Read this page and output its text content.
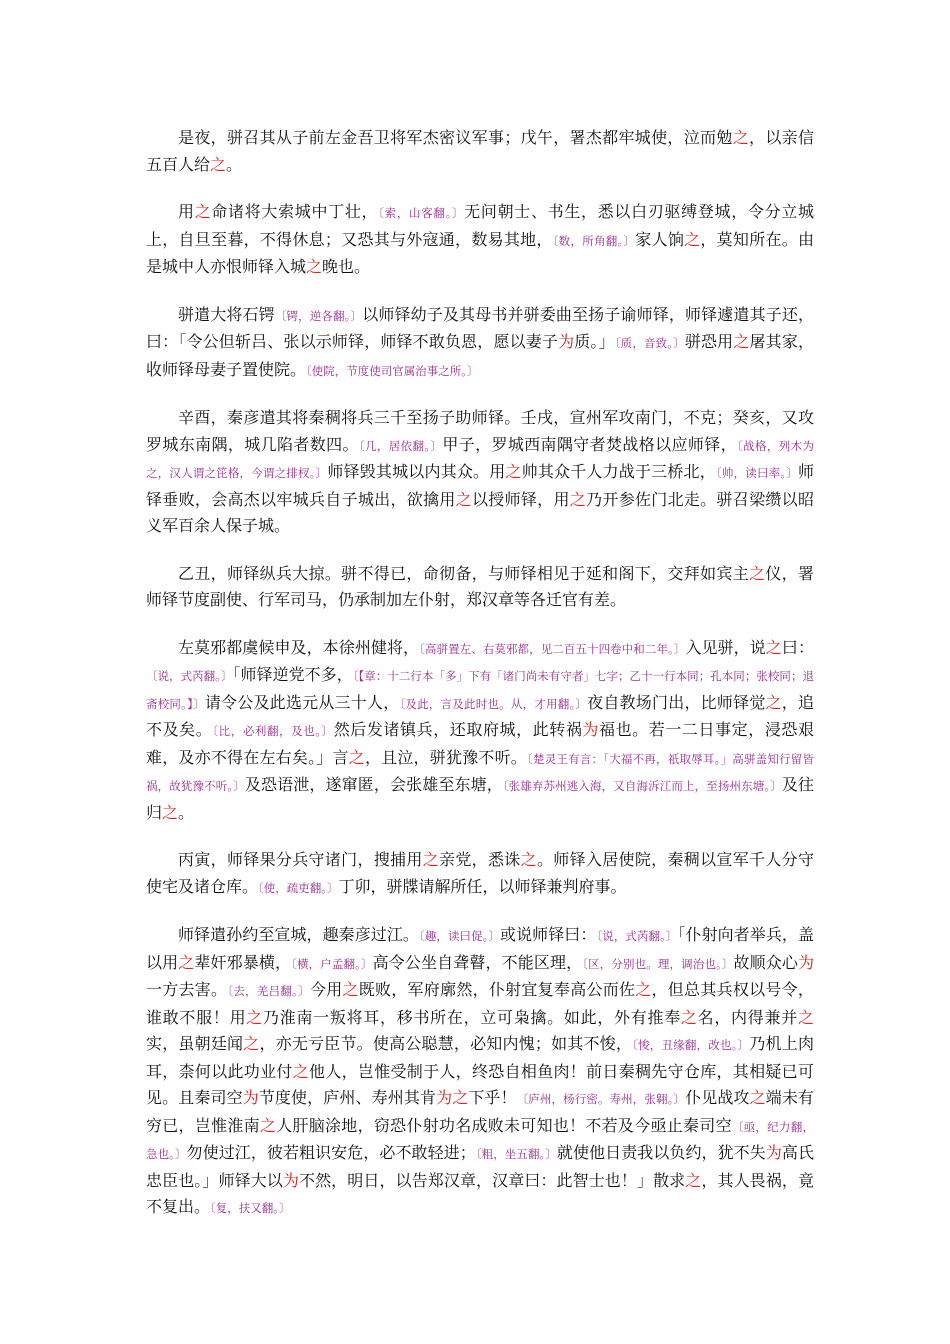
是夜，骈召其从子前左金吾卫将军杰密议军事；戊午，署杰都牢城使，泣而勉之，以亲信五百人给之。

用之命诸将大索城中丁壮，〔索，山客翻。〕无问朝士、书生，悉以白刃驱缚登城，令分立城上，自旦至暮，不得休息；又恐其与外寇通，数易其地，〔数，所角翻。〕家人饷之，莫知所在。由是城中人亦恨师铎入城之晚也。

骈遣大将石锷〔锷，逆各翻。〕以师铎幼子及其母书并骈委曲至扬子谕师铎，师铎遽遣其子还，曰：「令公但斩吕、张以示师铎，师铎不敢负恩，愿以妻子为质。」〔质，音致。〕骈恐用之屠其家，收师铎母妻子置使院。〔使院，节度使司官属治事之所。〕

辛酉，秦彦遣其将秦稠将兵三千至扬子助师铎。壬戌，宣州军攻南门，不克；癸亥，又攻罗城东南隅，城几陷者数四。〔几，居依翻。〕甲子，罗城西南隅守者焚战格以应师铎，〔战格，列木为之，汉人谓之笓格，今谓之排杈。〕师铎毁其城以内其众。用之帅其众千人力战于三桥北，〔帅，读曰率。〕师铎垂败，会高杰以牢城兵自子城出，欲擒用之以授师铎，用之乃开参佐门北走。骈召梁缵以昭义军百余人保子城。

乙丑，师铎纵兵大掠。骈不得已，命彻备，与师铎相见于延和阁下，交拜如宾主之仪，署师铎节度副使、行军司马，仍承制加左仆射，郑汉章等各迁官有差。

左莫邪都虞候申及，本徐州健将，〔高骈置左、右莫邪都，见二百五十四卷中和二年。〕入见骈，说之曰：〔说，式芮翻。〕「师铎逆党不多，〔【章：十二行本「多」下有「诸门尚未有守者」七字；乙十一行本同；孔本同；张校同；退斋校同。】〕请令公及此选元从三十人，〔及此，言及此时也。从，才用翻。〕夜自教场门出，比师铎觉之，追不及矣。〔比，必利翻，及也。〕然后发诸镇兵，还取府城，此转祸为福也。若一二日事定，浸恐艰难，及亦不得在左右矣。」言之，且泣，骈犹豫不听。〔楚灵王有言：「大福不再，祇取辱耳。」高骈盖知行留皆祸，故犹豫不听。〕及恐语泄，遂窜匿，会张雄至东塘，〔张雄弃苏州逃入海，又自海泝江而上，至扬州东塘。〕及往归之。

丙寅，师铎果分兵守诸门，搜捕用之亲党，悉诛之。师铎入居使院，秦稠以宣军千人分守使宅及诸仓库。〔使，疏吏翻。〕丁卯，骈牒请解所任，以师铎兼判府事。

师铎遣孙约至宣城，趣秦彦过江。〔趣，读曰促。〕或说师铎曰：〔说，式芮翻。〕「仆射向者举兵，盖以用之辈奸邪暴横，〔横，户孟翻。〕高令公坐自聋瞽，不能区理，〔区，分别也。理，调治也。〕故顺众心为一方去害。〔去，羌吕翻。〕今用之既败，军府廓然，仆射宜复奉高公而佐之，但总其兵权以号令，谁敢不服！用之乃淮南一叛将耳，移书所在，立可枭擒。如此，外有推奉之名，内得兼并之实，虽朝廷闻之，亦无亏臣节。使高公聪慧，必知内愧；如其不悛，〔悛，丑缘翻，改也。〕乃机上肉耳，柰何以此功业付之他人，岂惟受制于人，终恐自相鱼肉！前日秦稠先守仓库，其相疑已可见。且秦司空为节度使，庐州、寿州其肯为之下乎！〔庐州，杨行密。寿州，张翱。〕仆见战攻之端未有穷已，岂惟淮南之人肝脑涂地，窃恐仆射功名成败未可知也！不若及今亟止秦司空〔亟，纪力翻，急也。〕勿使过江，彼若粗识安危，必不敢轻进；〔粗，坐五翻。〕就使他日责我以负约，犹不失为高氏忠臣也。」师铎大以为不然，明日，以告郑汉章，汉章曰：此智士也！」散求之，其人畏祸，竟不复出。〔复，扶又翻。〕
